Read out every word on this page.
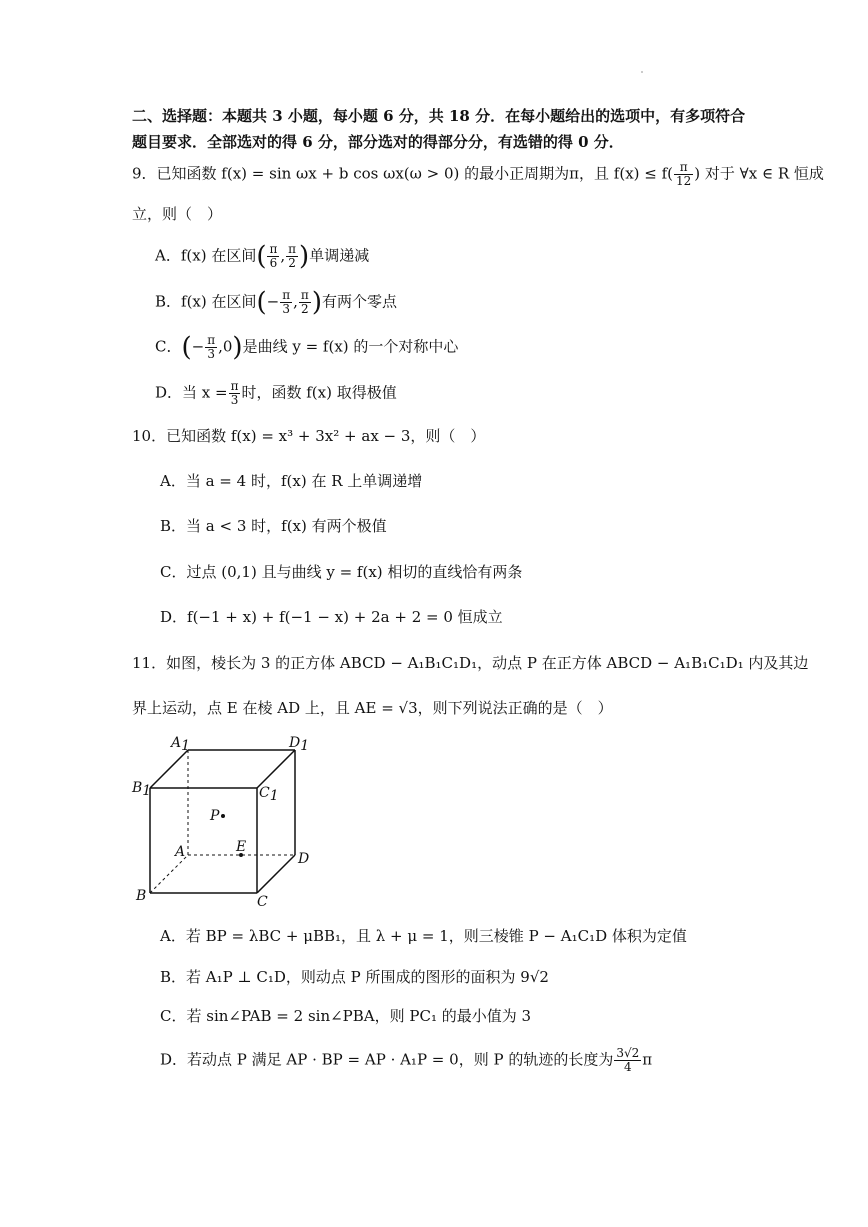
二、选择题：本题共 3 小题，每小题 6 分，共 18 分．在每小题给出的选项中，有多项符合
题目要求．全部选对的得 6 分，部分选对的得部分分，有选错的得 0 分．
9．已知函数 f(x) = sin ωx + b cos ωx(ω > 0) 的最小正周期为π，且 $f(x) \le f( \frac{\pi}{12}$ ) 对于 ∀x ∈ R 恒成
立，则（　）
A．f(x) 在区间( $\frac{\pi}{6}$ , $\frac{\pi}{2}$ )单调递减
B．f(x) 在区间(− $\frac{\pi}{3}$ , $\frac{\pi}{2}$ )有两个零点
C．(− $\frac{\pi}{3} ,0$)是曲线 y = f(x) 的一个对称中心
D．当 $x = \frac{\pi}{3}$ 时，函数 f(x) 取得极值
10．已知函数 f(x) = x³ + 3x² + ax − 3，则（　）
A．当 a = 4 时，f(x) 在 R 上单调递增
B．当 a < 3 时，f(x) 有两个极值
C．过点 (0,1) 且与曲线 y = f(x) 相切的直线恰有两条
D．f(−1 + x) + f(−1 − x) + 2a + 2 = 0 恒成立
11．如图，棱长为 3 的正方体 ABCD − A₁B₁C₁D₁，动点 P 在正方体 ABCD − A₁B₁C₁D₁ 内及其边
界上运动，点 E 在棱 AD 上，且 AE = √3，则下列说法正确的是（　）
A1	D1
B1	C1
P
A	E
D
B	C
A．若 BP = λBC + μBB₁，且 λ + μ = 1，则三棱锥 P − A₁C₁D 体积为定值
B．若 A₁P ⊥ C₁D，则动点 P 所围成的图形的面积为 9√2
C．若 sin∠PAB = 2 sin∠PBA，则 PC₁ 的最小值为 3
D．若动点 P 满足 AP · BP = AP · A₁P = 0，则 P 的轨迹的长度为 $\frac{3√2}{4}$ π
